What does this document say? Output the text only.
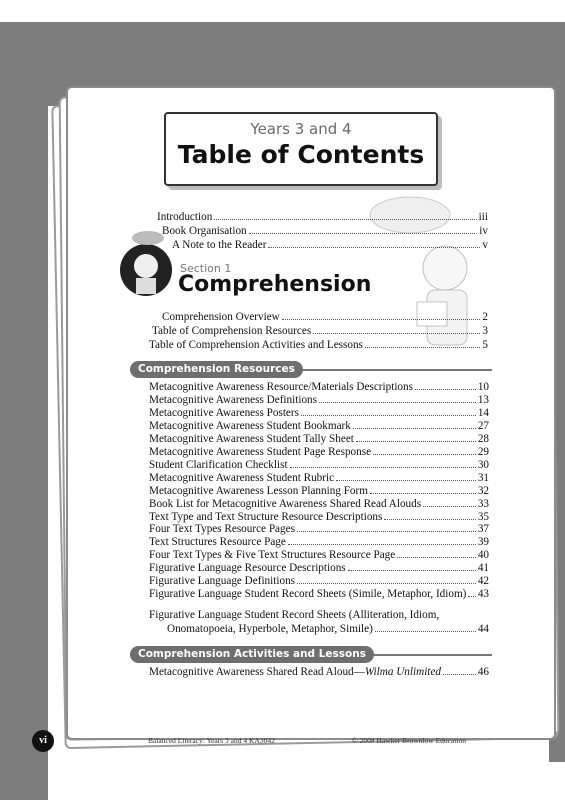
Years 3 and 4
Table of Contents
Introduction	iii
Book Organisation	iv
A Note to the Reader	v
Section 1
Comprehension
Comprehension Overview	2
Table of Comprehension Resources	3
Table of Comprehension Activities and Lessons	5
Comprehension Resources
Metacognitive Awareness Resource/Materials Descriptions	10
Metacognitive Awareness Definitions	13
Metacognitive Awareness Posters	14
Metacognitive Awareness Student Bookmark	27
Metacognitive Awareness Student Tally Sheet	28
Metacognitive Awareness Student Page Response	29
Student Clarification Checklist	30
Metacognitive Awareness Student Rubric	31
Metacognitive Awareness Lesson Planning Form	32
Book List for Metacognitive Awareness Shared Read Alouds	33
Text Type and Text Structure Resource Descriptions	35
Four Text Types Resource Pages	37
Text Structures Resource Page	39
Four Text Types & Five Text Structures Resource Page	40
Figurative Language Resource Descriptions	41
Figurative Language Definitions	42
Figurative Language Student Record Sheets (Simile, Metaphor, Idiom) 43
Figurative Language Student Record Sheets (Alliteration, Idiom,
Onomatopoeia, Hyperbole, Metaphor, Simile)	44
Comprehension Activities and Lessons
Metacognitive Awareness Shared Read Aloud—Wilma Unlimited	46
vi	Balanced Literacy: Years 3 and 4 KA3042	© 2008 Hawker Brownlow Education
